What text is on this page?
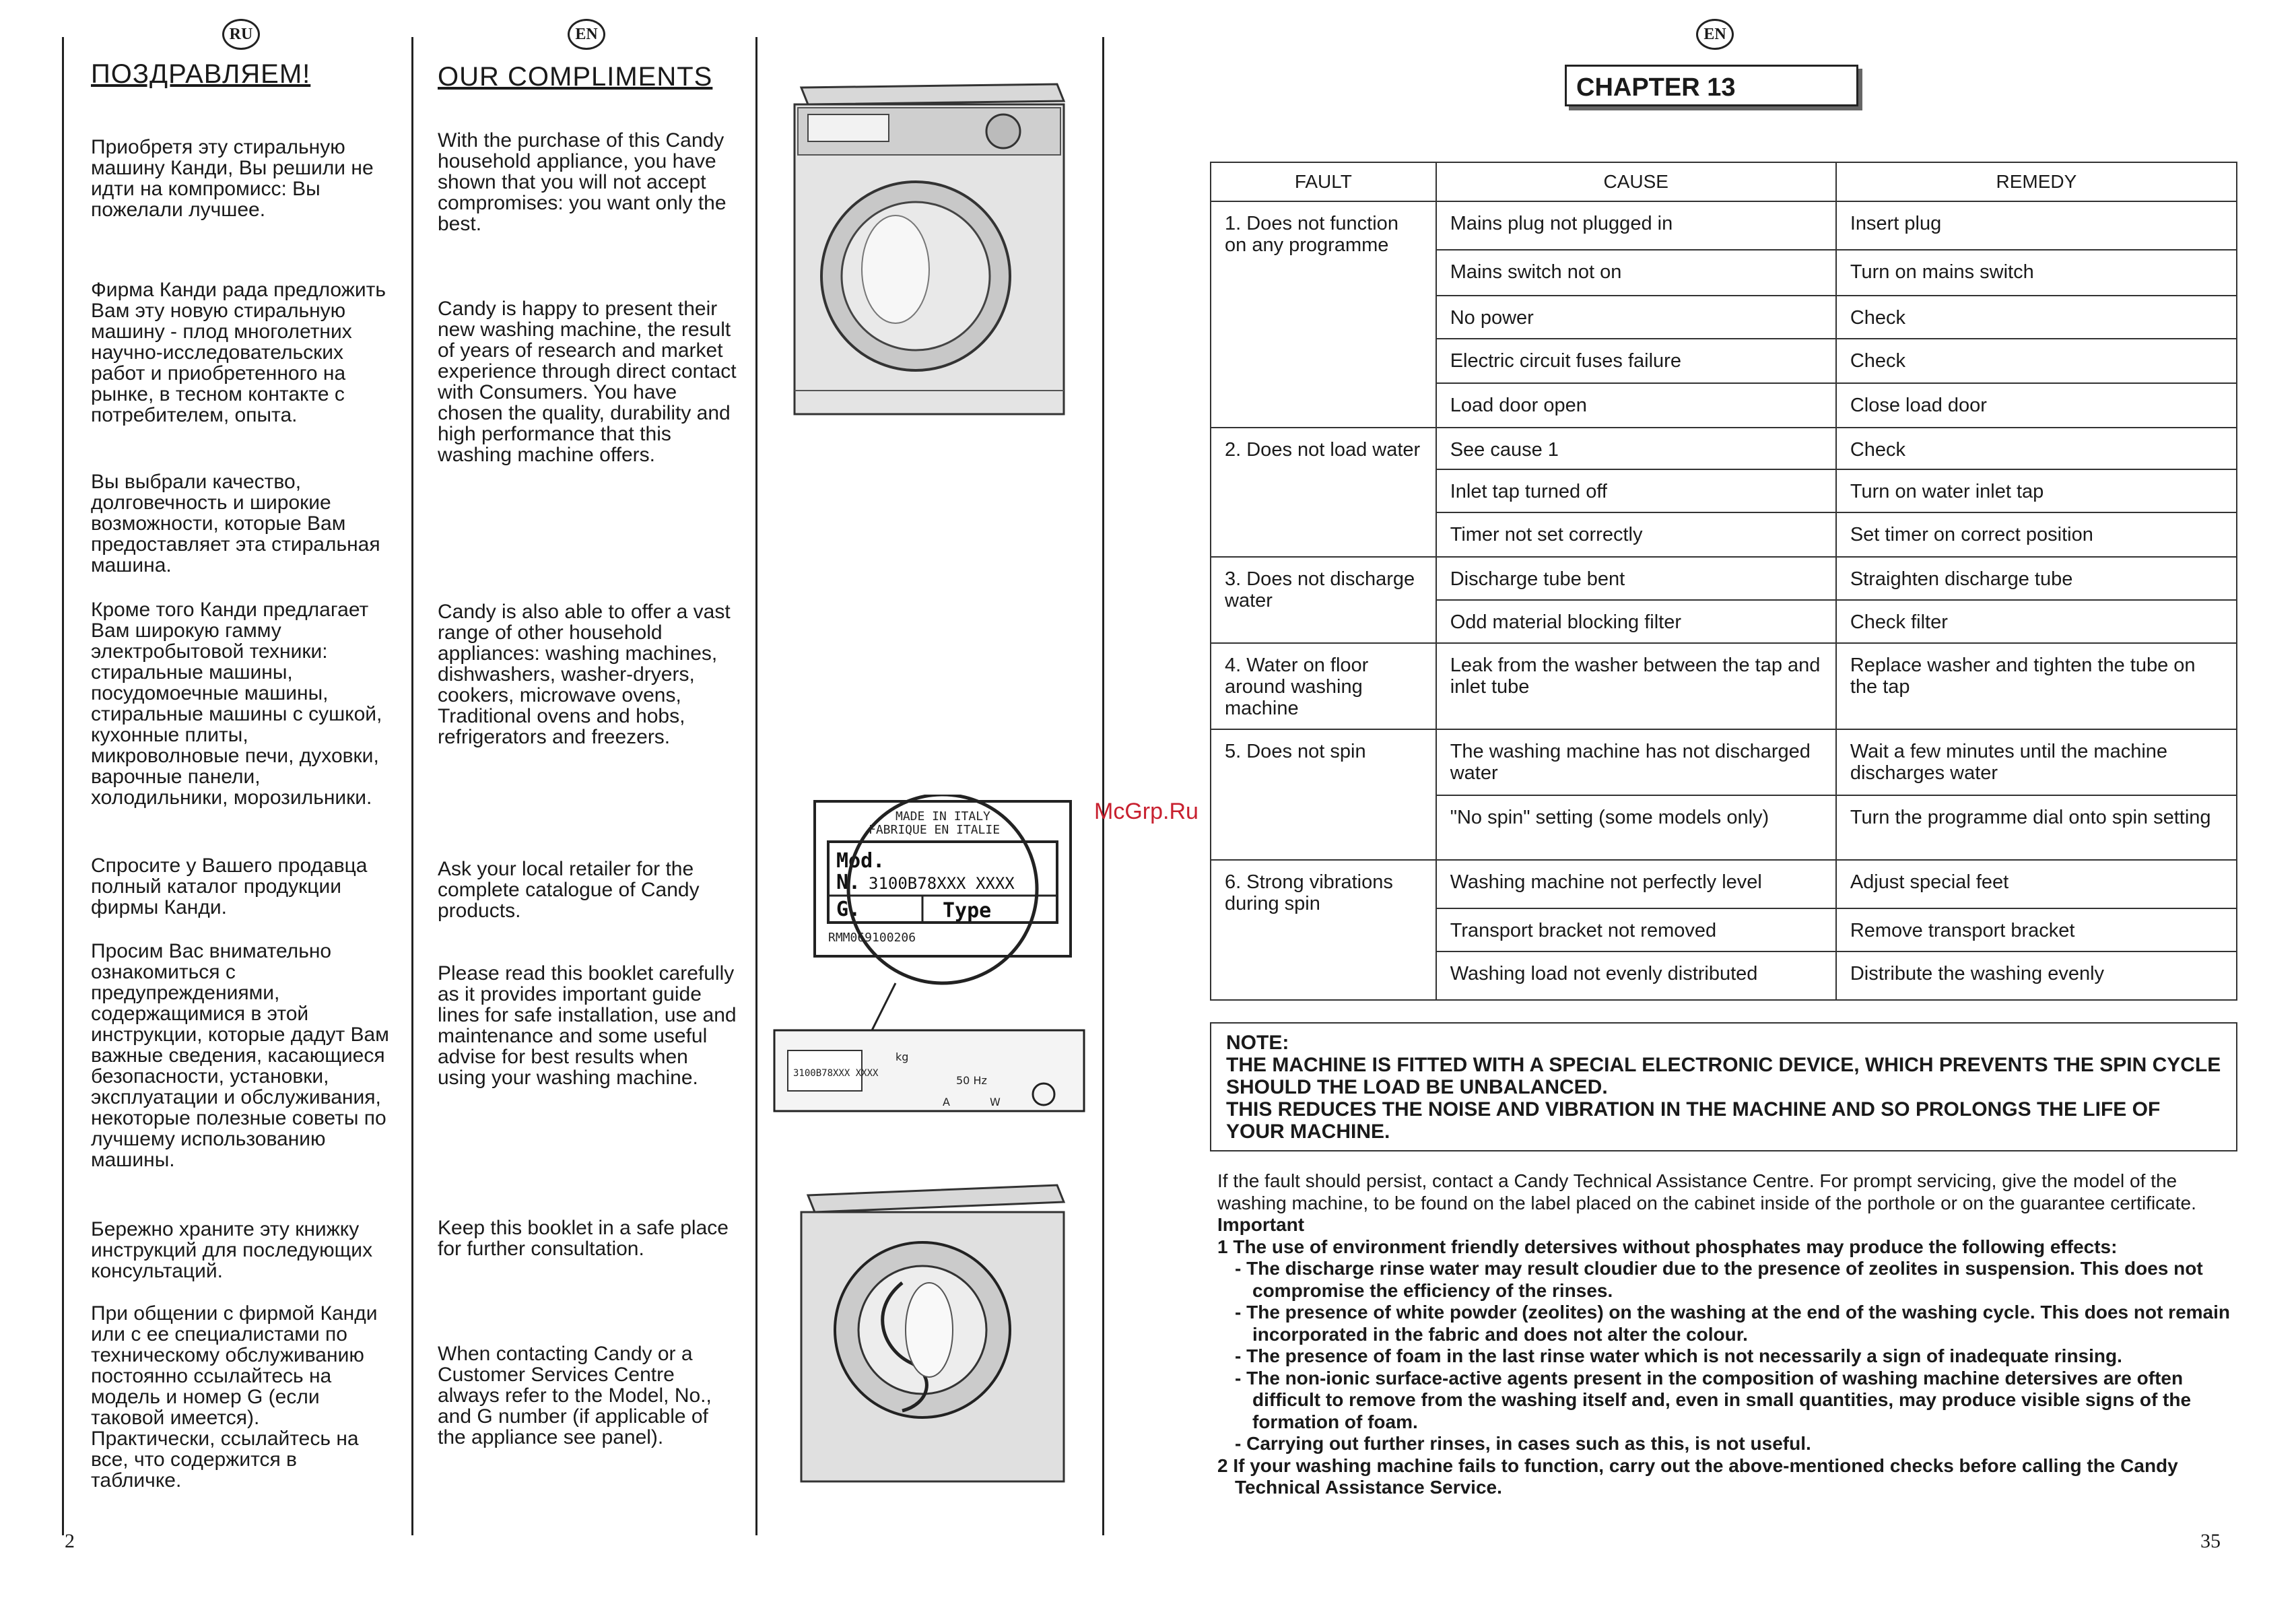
RU	EN
ПОЗДРАВЛЯЕМ!	OUR COMPLIMENTS
Приобретя эту стиральную машину Канди, Вы решили не идти на компромисс: Вы пожелали лучшее.
Фирма Канди рада предложить Вам эту новую стиральную машину - плод многолетних научно-исследовательских работ и приобретенного на рынке, в тесном контакте с потребителем, опыта.
Вы выбрали качество, долговечность и широкие возможности, которые Вам предоставляет эта стиральная машина.
Кроме того Канди предлагает Вам широкую гамму электробытовой техники: стиральные машины, посудомоечные машины, стиральные машины с сушкой, кухонные плиты, микроволновые печи, духовки, варочные панели, холодильники, морозильники.
Спросите у Вашего продавца полный каталог продукции фирмы Канди.
Просим Вас внимательно ознакомиться с предупреждениями, содержащимися в этой инструкции, которые дадут Вам важные сведения, касающиеся безопасности, установки, эксплуатации и обслуживания, некоторые полезные советы по лучшему использованию машины.
Бережно храните эту книжку инструкций для последующих консультаций.
При общении с фирмой Канди или с ее специалистами по техническому обслуживанию постоянно ссылайтесь на модель и номер G (если таковой имеется). Практически, ссылайтесь на все, что содержится в табличке.
With the purchase of this Candy household appliance, you have shown that you will not accept compromises: you want only the best.
Candy is happy to present their new washing machine, the result of years of research and market experience through direct contact with Consumers. You have chosen the quality, durability and high performance that this washing machine offers.
Candy is also able to offer a vast range of other household appliances: washing machines, dishwashers, washer-dryers, cookers, microwave ovens, Traditional ovens and hobs, refrigerators and freezers.
Ask your local retailer for the complete catalogue of Candy products.
Please read this booklet carefully as it provides important guide lines for safe installation, use and maintenance and some useful advise for best results when using your washing machine.
Keep this booklet in a safe place for further consultation.
When contacting Candy or a Customer Services Centre always refer to the Model, No., and G number (if applicable of the appliance see panel).
MADE IN ITALY
FABRIQUE EN ITALIE
Mod.
N. 3100B78XXX XXXX
G.	Type
RMM069100206
3100B78XXX XXXX
kg
50 Hz
A	W
2
EN
CHAPTER 13
FAULT	CAUSE	REMEDY
1. Does not function on any programme	Mains plug not plugged in	Insert plug
	Mains switch not on	Turn on mains switch
	No power	Check
	Electric circuit fuses failure	Check
	Load door open	Close load door
2. Does not load water	See cause 1	Check
	Inlet tap turned off	Turn on water inlet tap
	Timer not set correctly	Set timer on correct position
3. Does not discharge water	Discharge tube bent	Straighten discharge tube
	Odd material blocking filter	Check filter
4. Water on floor around washing machine	Leak from the washer between the tap and inlet tube	Replace washer and tighten the tube on the tap
5. Does not spin	The washing machine has not discharged water	Wait a few minutes until the machine discharges water
	"No spin" setting (some models only)	Turn the programme dial onto spin setting
6. Strong vibrations during spin	Washing machine not perfectly level	Adjust special feet
	Transport bracket not removed	Remove transport bracket
	Washing load not evenly distributed	Distribute the washing evenly
NOTE:
THE MACHINE IS FITTED WITH A SPECIAL ELECTRONIC DEVICE, WHICH PREVENTS THE SPIN CYCLE SHOULD THE LOAD BE UNBALANCED.
THIS REDUCES THE NOISE AND VIBRATION IN THE MACHINE AND SO PROLONGS THE LIFE OF YOUR MACHINE.
If the fault should persist, contact a Candy Technical Assistance Centre. For prompt servicing, give the model of the washing machine, to be found on the label placed on the cabinet inside of the porthole or on the guarantee certificate.
Important
1 The use of environment friendly detersives without phosphates may produce the following effects:
- The discharge rinse water may result cloudier due to the presence of zeolites in suspension. This does not compromise the efficiency of the rinses.
- The presence of white powder (zeolites) on the washing at the end of the washing cycle. This does not remain incorporated in the fabric and does not alter the colour.
- The presence of foam in the last rinse water which is not necessarily a sign of inadequate rinsing.
- The non-ionic surface-active agents present in the composition of washing machine detersives are often difficult to remove from the washing itself and, even in small quantities, may produce visible signs of the formation of foam.
- Carrying out further rinses, in cases such as this, is not useful.
2 If your washing machine fails to function, carry out the above-mentioned checks before calling the Candy Technical Assistance Service.
McGrp.Ru
35
